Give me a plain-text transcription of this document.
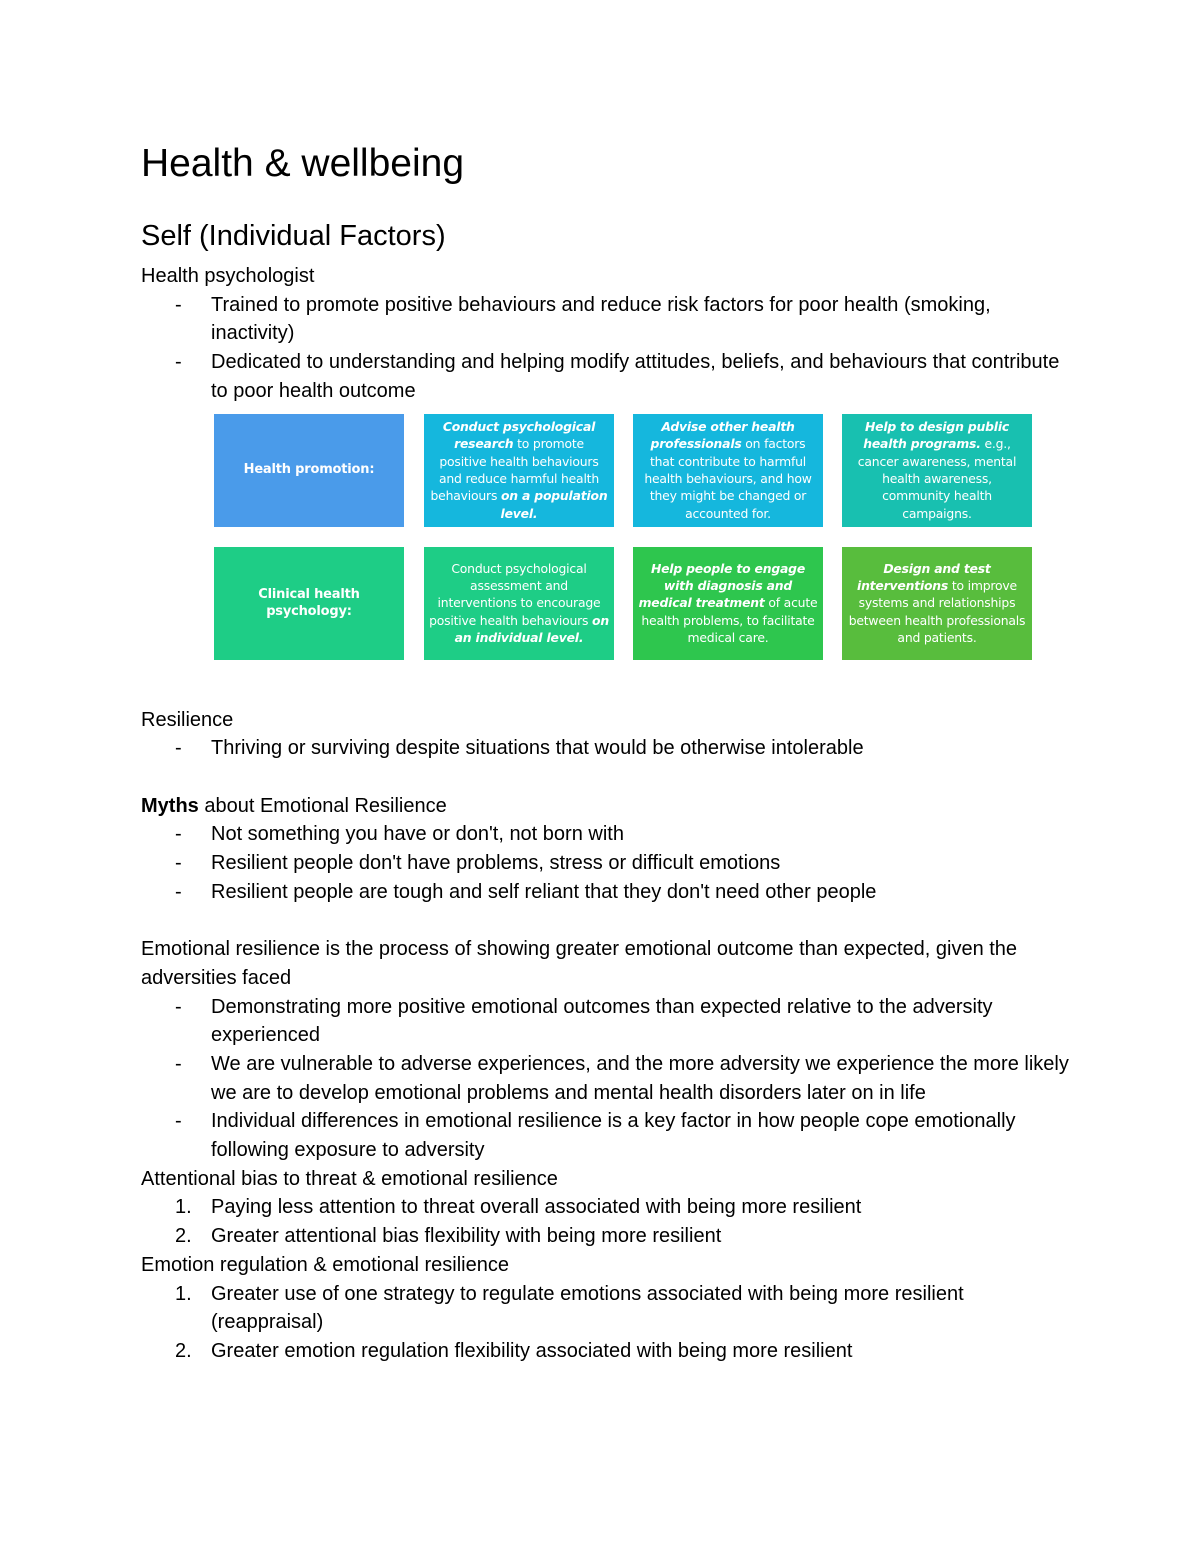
Health & wellbeing
Self (Individual Factors)
Health psychologist
- Trained to promote positive behaviours and reduce risk factors for poor health (smoking, inactivity)
- Dedicated to understanding and helping modify attitudes, beliefs, and behaviours that contribute to poor health outcome
Health promotion:
Conduct psychological research to promote positive health behaviours and reduce harmful health behaviours on a population level.
Advise other health professionals on factors that contribute to harmful health behaviours, and how they might be changed or accounted for.
Help to design public health programs. e.g., cancer awareness, mental health awareness, community health campaigns.
Clinical health psychology:
Conduct psychological assessment and interventions to encourage positive health behaviours on an individual level.
Help people to engage with diagnosis and medical treatment of acute health problems, to facilitate medical care.
Design and test interventions to improve systems and relationships between health professionals and patients.
Resilience
- Thriving or surviving despite situations that would be otherwise intolerable
Myths about Emotional Resilience
- Not something you have or don't, not born with
- Resilient people don't have problems, stress or difficult emotions
- Resilient people are tough and self reliant that they don't need other people
Emotional resilience is the process of showing greater emotional outcome than expected, given the adversities faced
- Demonstrating more positive emotional outcomes than expected relative to the adversity experienced
- We are vulnerable to adverse experiences, and the more adversity we experience the more likely we are to develop emotional problems and mental health disorders later on in life
- Individual differences in emotional resilience is a key factor in how people cope emotionally following exposure to adversity
Attentional bias to threat & emotional resilience
1. Paying less attention to threat overall associated with being more resilient
2. Greater attentional bias flexibility with being more resilient
Emotion regulation & emotional resilience
1. Greater use of one strategy to regulate emotions associated with being more resilient (reappraisal)
2. Greater emotion regulation flexibility associated with being more resilient
